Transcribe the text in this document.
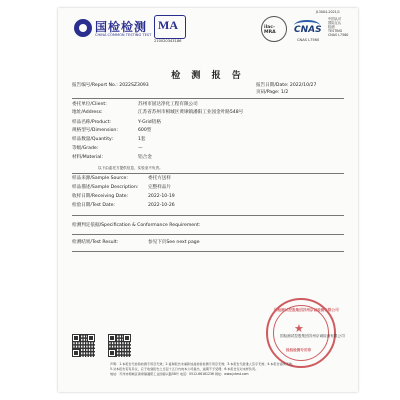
国检检测
CHINA COMMON TESTING TEST
MA
210020343186
ilac-MRA	CNAS
CNAS L7560
JL3004-2021/1
中国认可
国际互认
检测
TESTING
CNAS L7560
检 测 报 告
报告编号/Report No.: 2022SZ3093	报告日期/Date: 2022/10/27
页码/Page: 1/2
委托单位/Client:	苏州市固达净化工程有限公司
地址/Address:	江苏省苏州市相城区黄埭镇潘阳工业园金叶路548号
样品名称/Product:	Y-Grid铝格
规格型号/Dimension:	600型
样品数量/Quantity:	1套
等级/Grade:	—
材料/Material:	铝合金
以下由委托方提供信息，实验室不负责。
样品来源/Sample Source:	委托方送样
样品描述/Sample Description: 完整样品片
收样日期/Receiving Date:	2022-10-19
检验日期/Test Date:	2022-10-26
检测判定依据/Specification & Conformance Requirement:
检测结果/Test Result:	参见下页See next page
★
国检测试控股集团苏州京诚检测有限公司
检验检测专用章
国检测试控股集团苏州京诚检测有限公司
声明：1.本报告无检验检测专用章无效；2.复制报告未重新加盖检验检测专用章无效；3.本报告无批准人签字无效；4.本报告涂改无效。
5.对本报告若有异议，应于收到报告之日起十五日内向本公司提出，逾期不予受理；6.本报告仅对来样负责。
地址：苏州市相城区黄埭镇潘阳工业园春兴路58号 电话：0512-66161236 网址：www.jctest.com
